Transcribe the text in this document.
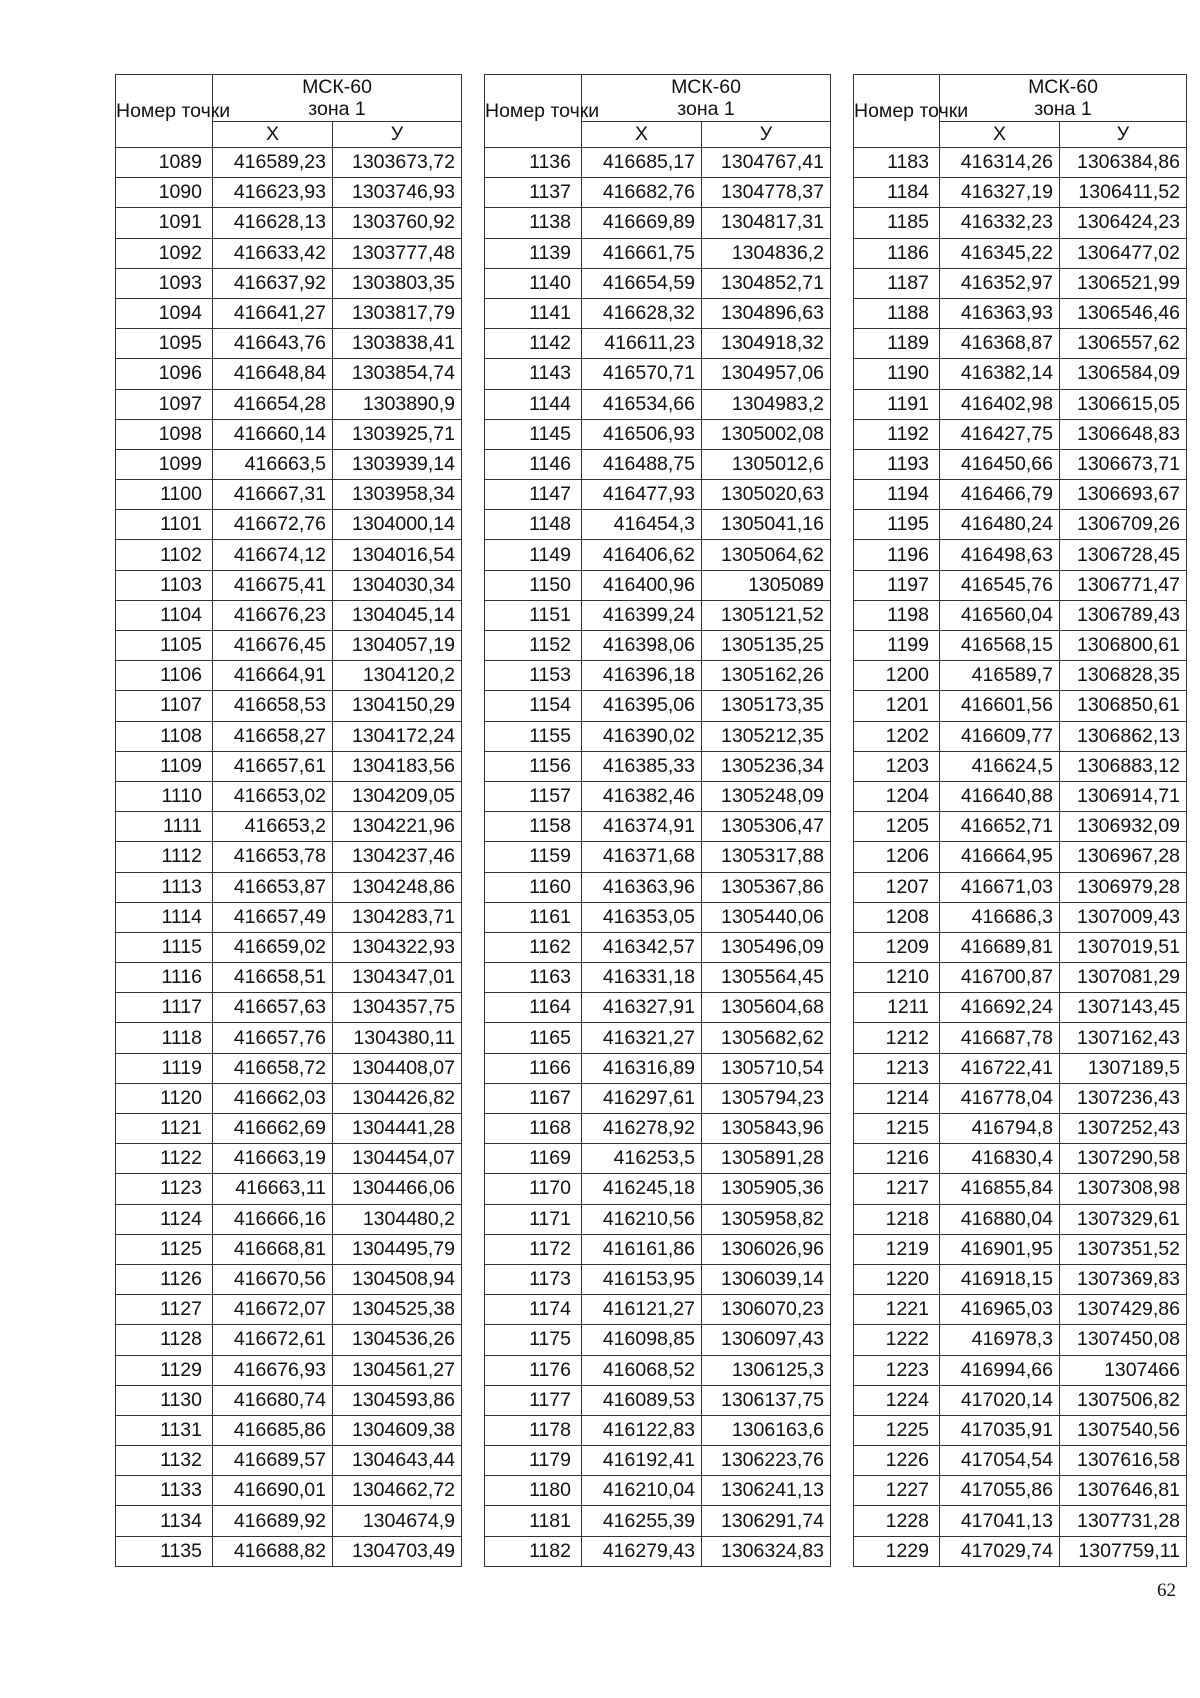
Номер точки	МСК-60
зона 1	
	Х	У
1089	416589,23	1303673,72
1090	416623,93	1303746,93
1091	416628,13	1303760,92
1092	416633,42	1303777,48
1093	416637,92	1303803,35
1094	416641,27	1303817,79
1095	416643,76	1303838,41
1096	416648,84	1303854,74
1097	416654,28	1303890,9
1098	416660,14	1303925,71
1099	416663,5	1303939,14
1100	416667,31	1303958,34
1101	416672,76	1304000,14
1102	416674,12	1304016,54
1103	416675,41	1304030,34
1104	416676,23	1304045,14
1105	416676,45	1304057,19
1106	416664,91	1304120,2
1107	416658,53	1304150,29
1108	416658,27	1304172,24
1109	416657,61	1304183,56
1110	416653,02	1304209,05
1111	416653,2	1304221,96
1112	416653,78	1304237,46
1113	416653,87	1304248,86
1114	416657,49	1304283,71
1115	416659,02	1304322,93
1116	416658,51	1304347,01
1117	416657,63	1304357,75
1118	416657,76	1304380,11
1119	416658,72	1304408,07
1120	416662,03	1304426,82
1121	416662,69	1304441,28
1122	416663,19	1304454,07
1123	416663,11	1304466,06
1124	416666,16	1304480,2
1125	416668,81	1304495,79
1126	416670,56	1304508,94
1127	416672,07	1304525,38
1128	416672,61	1304536,26
1129	416676,93	1304561,27
1130	416680,74	1304593,86
1131	416685,86	1304609,38
1132	416689,57	1304643,44
1133	416690,01	1304662,72
1134	416689,92	1304674,9
1135	416688,82	1304703,49
Номер точки	МСК-60
зона 1	
	Х	У
1136	416685,17	1304767,41
1137	416682,76	1304778,37
1138	416669,89	1304817,31
1139	416661,75	1304836,2
1140	416654,59	1304852,71
1141	416628,32	1304896,63
1142	416611,23	1304918,32
1143	416570,71	1304957,06
1144	416534,66	1304983,2
1145	416506,93	1305002,08
1146	416488,75	1305012,6
1147	416477,93	1305020,63
1148	416454,3	1305041,16
1149	416406,62	1305064,62
1150	416400,96	1305089
1151	416399,24	1305121,52
1152	416398,06	1305135,25
1153	416396,18	1305162,26
1154	416395,06	1305173,35
1155	416390,02	1305212,35
1156	416385,33	1305236,34
1157	416382,46	1305248,09
1158	416374,91	1305306,47
1159	416371,68	1305317,88
1160	416363,96	1305367,86
1161	416353,05	1305440,06
1162	416342,57	1305496,09
1163	416331,18	1305564,45
1164	416327,91	1305604,68
1165	416321,27	1305682,62
1166	416316,89	1305710,54
1167	416297,61	1305794,23
1168	416278,92	1305843,96
1169	416253,5	1305891,28
1170	416245,18	1305905,36
1171	416210,56	1305958,82
1172	416161,86	1306026,96
1173	416153,95	1306039,14
1174	416121,27	1306070,23
1175	416098,85	1306097,43
1176	416068,52	1306125,3
1177	416089,53	1306137,75
1178	416122,83	1306163,6
1179	416192,41	1306223,76
1180	416210,04	1306241,13
1181	416255,39	1306291,74
1182	416279,43	1306324,83
Номер точки	МСК-60
зона 1	
	Х	У
1183	416314,26	1306384,86
1184	416327,19	1306411,52
1185	416332,23	1306424,23
1186	416345,22	1306477,02
1187	416352,97	1306521,99
1188	416363,93	1306546,46
1189	416368,87	1306557,62
1190	416382,14	1306584,09
1191	416402,98	1306615,05
1192	416427,75	1306648,83
1193	416450,66	1306673,71
1194	416466,79	1306693,67
1195	416480,24	1306709,26
1196	416498,63	1306728,45
1197	416545,76	1306771,47
1198	416560,04	1306789,43
1199	416568,15	1306800,61
1200	416589,7	1306828,35
1201	416601,56	1306850,61
1202	416609,77	1306862,13
1203	416624,5	1306883,12
1204	416640,88	1306914,71
1205	416652,71	1306932,09
1206	416664,95	1306967,28
1207	416671,03	1306979,28
1208	416686,3	1307009,43
1209	416689,81	1307019,51
1210	416700,87	1307081,29
1211	416692,24	1307143,45
1212	416687,78	1307162,43
1213	416722,41	1307189,5
1214	416778,04	1307236,43
1215	416794,8	1307252,43
1216	416830,4	1307290,58
1217	416855,84	1307308,98
1218	416880,04	1307329,61
1219	416901,95	1307351,52
1220	416918,15	1307369,83
1221	416965,03	1307429,86
1222	416978,3	1307450,08
1223	416994,66	1307466
1224	417020,14	1307506,82
1225	417035,91	1307540,56
1226	417054,54	1307616,58
1227	417055,86	1307646,81
1228	417041,13	1307731,28
1229	417029,74	1307759,11
62
